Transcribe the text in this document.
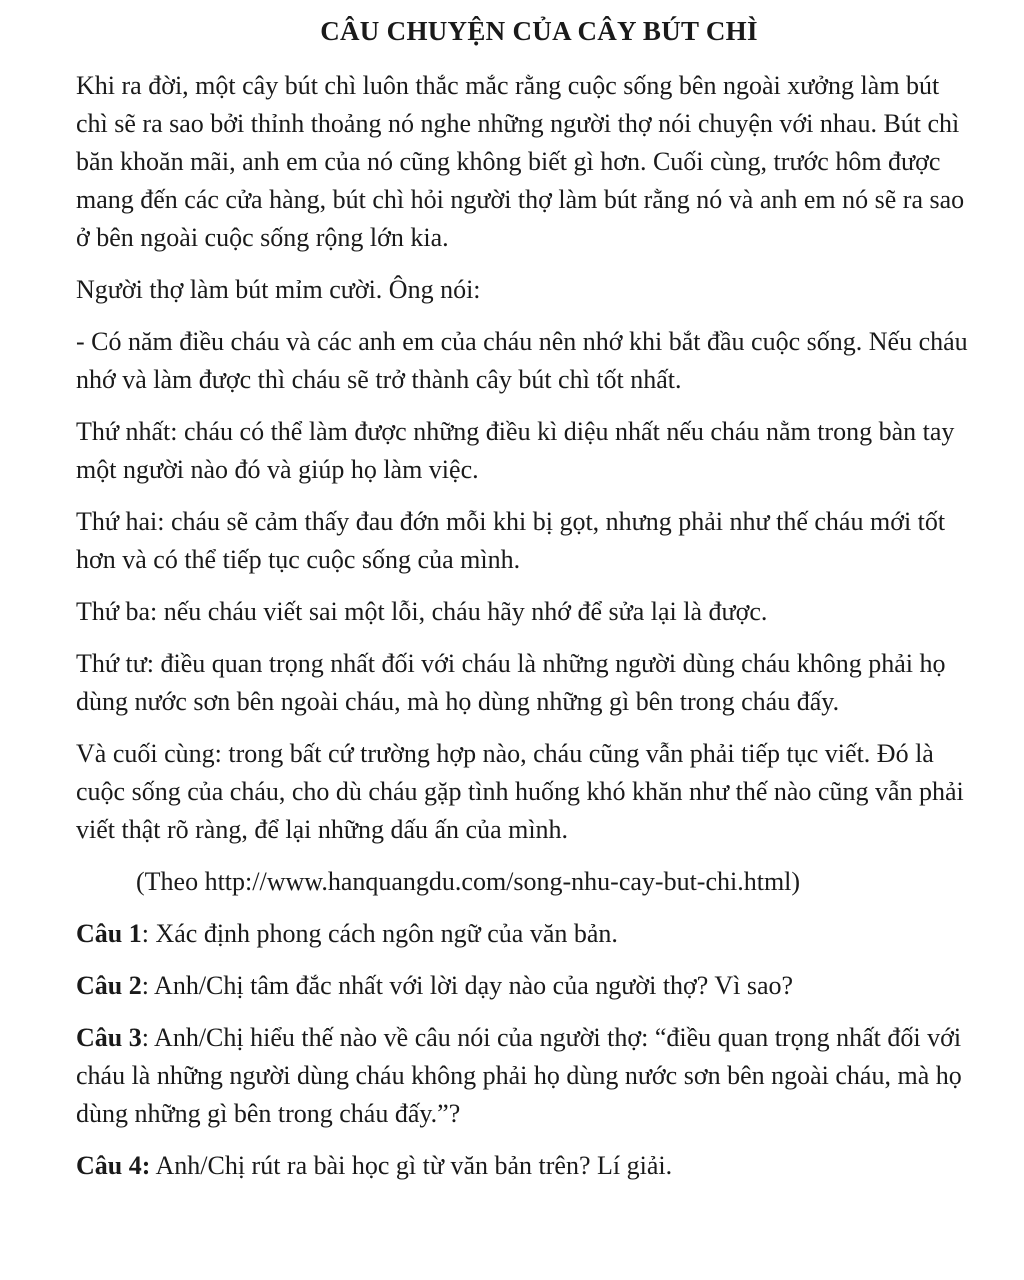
CÂU CHUYỆN CỦA CÂY BÚT CHÌ

Khi ra đời, một cây bút chì luôn thắc mắc rằng cuộc sống bên ngoài xưởng làm bút chì sẽ ra sao bởi thỉnh thoảng nó nghe những người thợ nói chuyện với nhau. Bút chì băn khoăn mãi, anh em của nó cũng không biết gì hơn. Cuối cùng, trước hôm được mang đến các cửa hàng, bút chì hỏi người thợ làm bút rằng nó và anh em nó sẽ ra sao ở bên ngoài cuộc sống rộng lớn kia.

Người thợ làm bút mỉm cười. Ông nói:

- Có năm điều cháu và các anh em của cháu nên nhớ khi bắt đầu cuộc sống. Nếu cháu nhớ và làm được thì cháu sẽ trở thành cây bút chì tốt nhất.

Thứ nhất: cháu có thể làm được những điều kì diệu nhất nếu cháu nằm trong bàn tay một người nào đó và giúp họ làm việc.

Thứ hai: cháu sẽ cảm thấy đau đớn mỗi khi bị gọt, nhưng phải như thế cháu mới tốt hơn và có thể tiếp tục cuộc sống của mình.

Thứ ba: nếu cháu viết sai một lỗi, cháu hãy nhớ để sửa lại là được.

Thứ tư: điều quan trọng nhất đối với cháu là những người dùng cháu không phải họ dùng nước sơn bên ngoài cháu, mà họ dùng những gì bên trong cháu đấy.

Và cuối cùng: trong bất cứ trường hợp nào, cháu cũng vẫn phải tiếp tục viết. Đó là cuộc sống của cháu, cho dù cháu gặp tình huống khó khăn như thế nào cũng vẫn phải viết thật rõ ràng, để lại những dấu ấn của mình.

(Theo http://www.hanquangdu.com/song-nhu-cay-but-chi.html)

Câu 1: Xác định phong cách ngôn ngữ của văn bản.

Câu 2: Anh/Chị tâm đắc nhất với lời dạy nào của người thợ? Vì sao?

Câu 3: Anh/Chị hiểu thế nào về câu nói của người thợ: “điều quan trọng nhất đối với cháu là những người dùng cháu không phải họ dùng nước sơn bên ngoài cháu, mà họ dùng những gì bên trong cháu đấy.”?

Câu 4: Anh/Chị rút ra bài học gì từ văn bản trên? Lí giải.
